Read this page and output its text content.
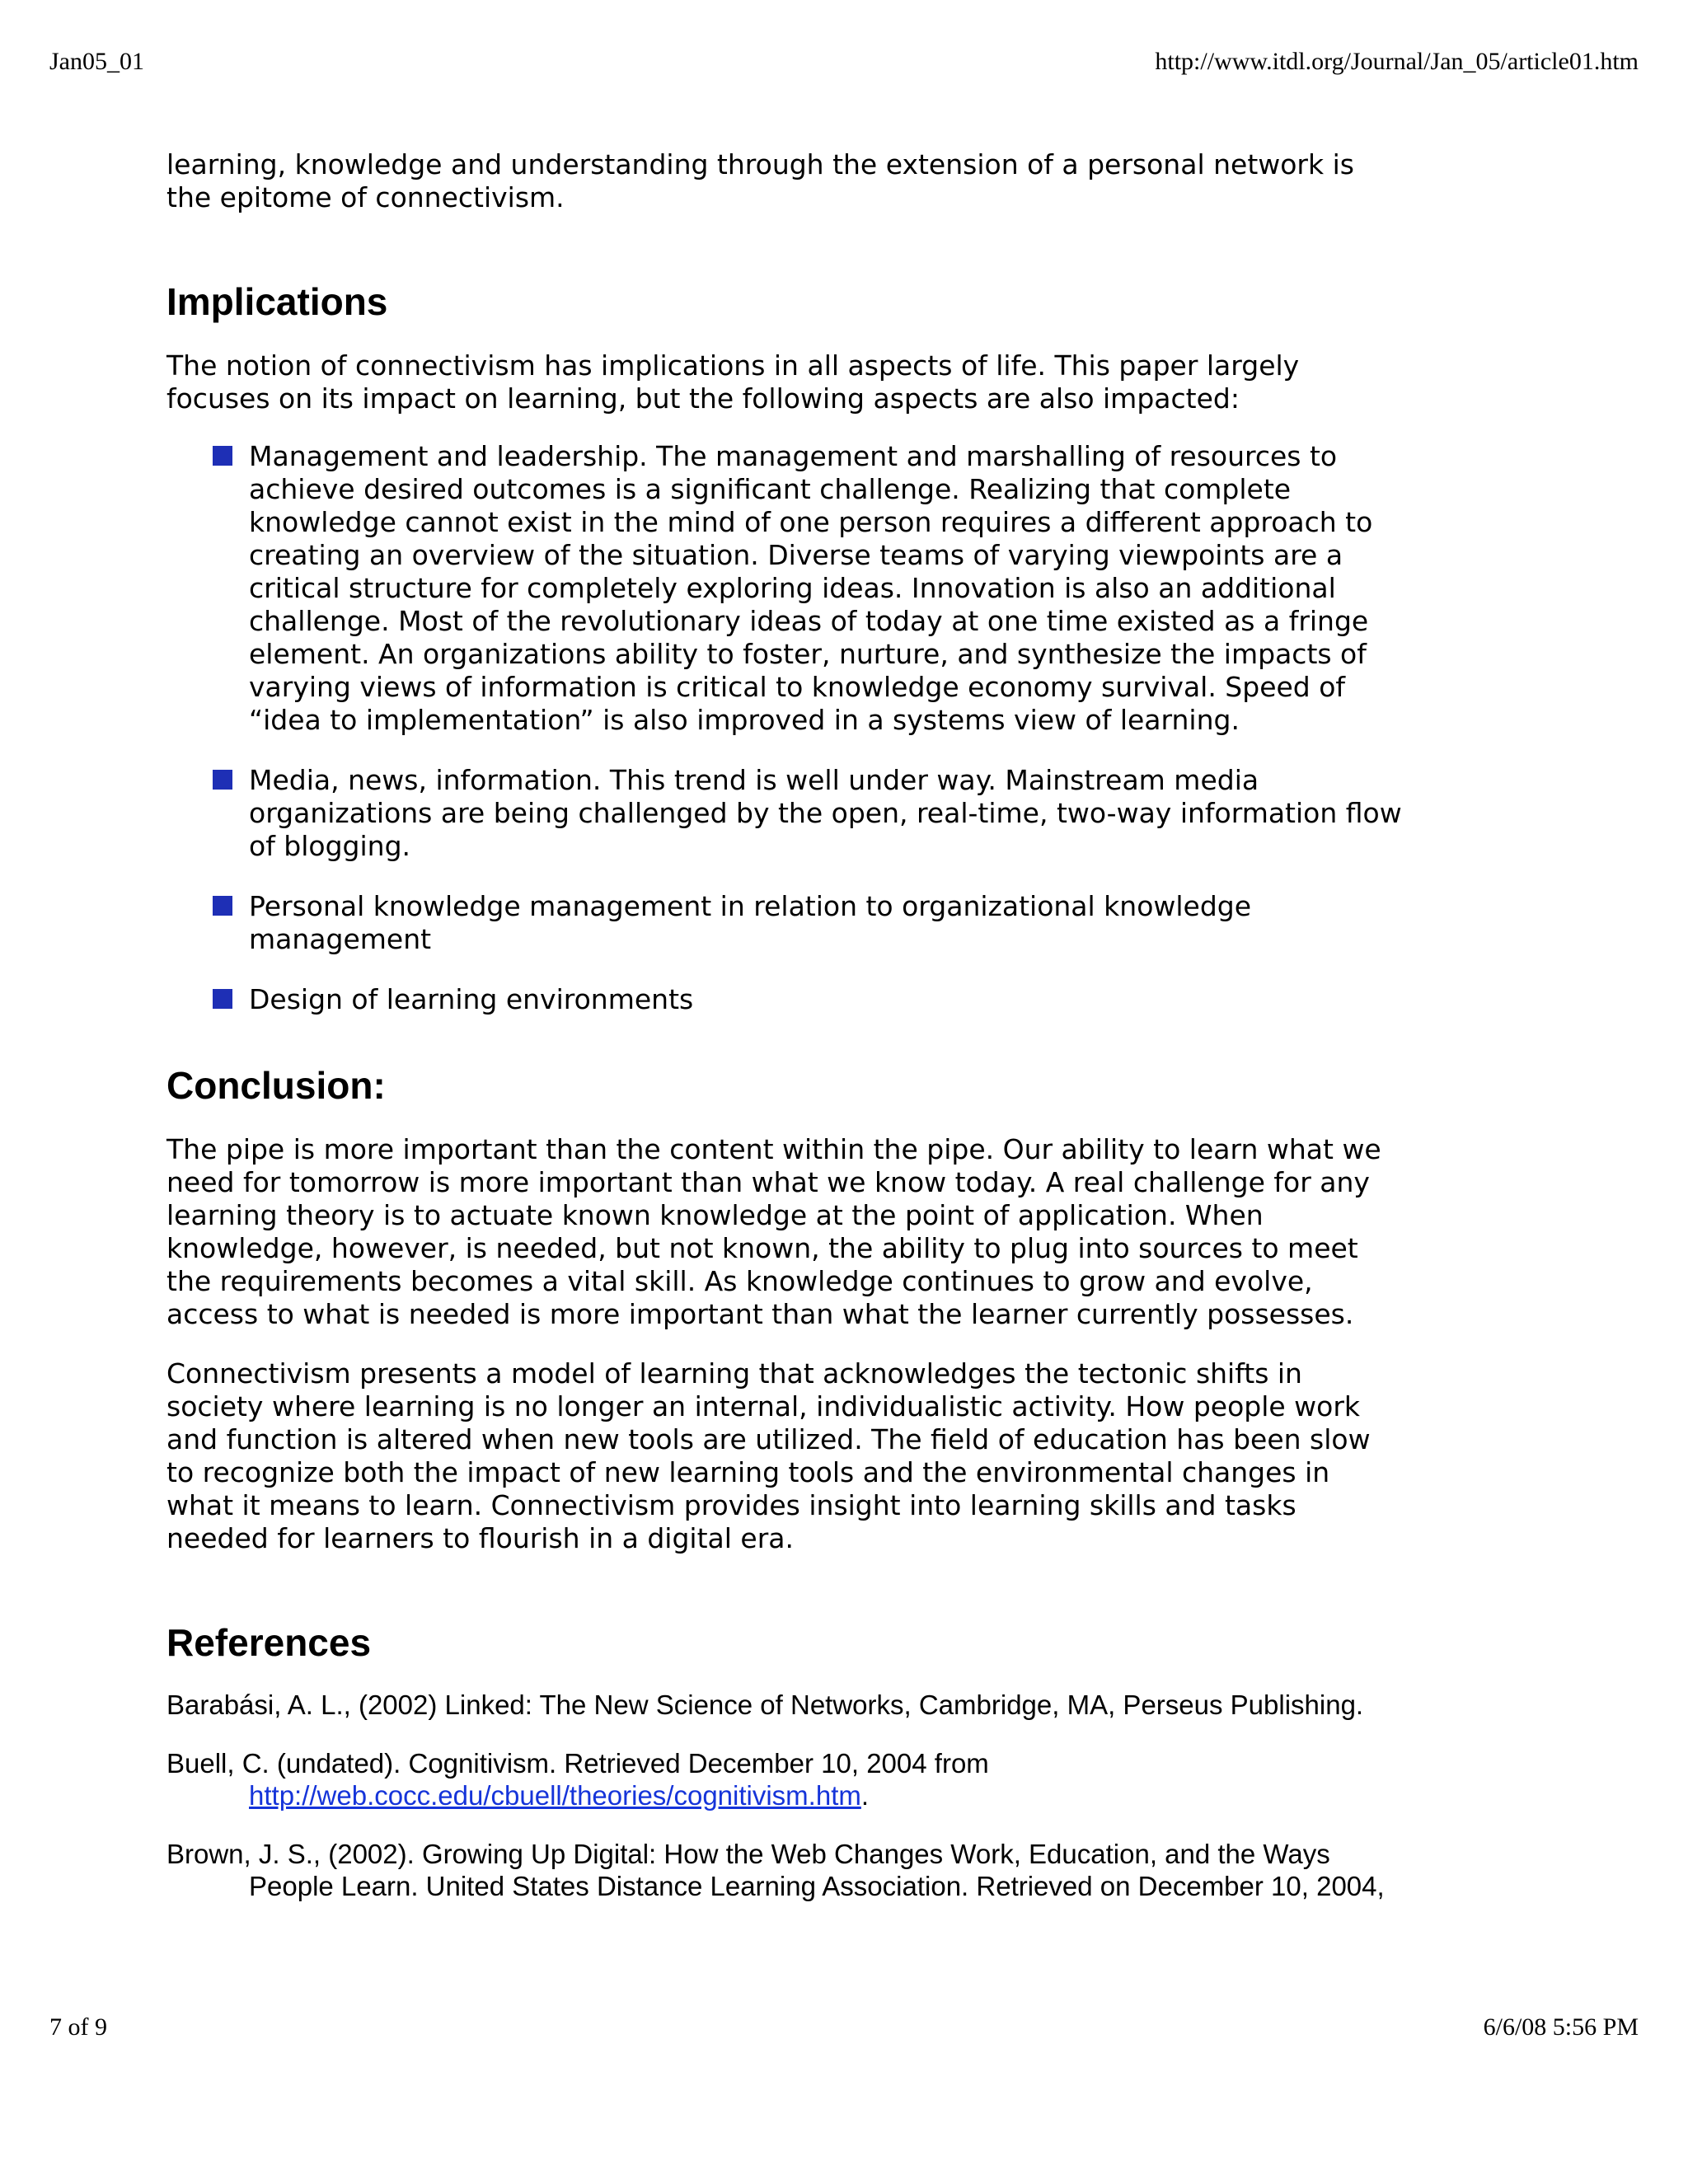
Jan05_01	http://www.itdl.org/Journal/Jan_05/article01.htm

learning, knowledge and understanding through the extension of a personal network is the epitome of connectivism.

Implications

The notion of connectivism has implications in all aspects of life. This paper largely focuses on its impact on learning, but the following aspects are also impacted:

Management and leadership. The management and marshalling of resources to achieve desired outcomes is a significant challenge. Realizing that complete knowledge cannot exist in the mind of one person requires a different approach to creating an overview of the situation. Diverse teams of varying viewpoints are a critical structure for completely exploring ideas. Innovation is also an additional challenge. Most of the revolutionary ideas of today at one time existed as a fringe element. An organizations ability to foster, nurture, and synthesize the impacts of varying views of information is critical to knowledge economy survival. Speed of “idea to implementation” is also improved in a systems view of learning.
Media, news, information. This trend is well under way. Mainstream media organizations are being challenged by the open, real-time, two-way information flow of blogging.
Personal knowledge management in relation to organizational knowledge management
Design of learning environments
Conclusion:

The pipe is more important than the content within the pipe. Our ability to learn what we need for tomorrow is more important than what we know today. A real challenge for any learning theory is to actuate known knowledge at the point of application. When knowledge, however, is needed, but not known, the ability to plug into sources to meet the requirements becomes a vital skill. As knowledge continues to grow and evolve, access to what is needed is more important than what the learner currently possesses.

Connectivism presents a model of learning that acknowledges the tectonic shifts in society where learning is no longer an internal, individualistic activity. How people work and function is altered when new tools are utilized. The field of education has been slow to recognize both the impact of new learning tools and the environmental changes in what it means to learn. Connectivism provides insight into learning skills and tasks needed for learners to flourish in a digital era.

References
Barabási, A. L., (2002) Linked: The New Science of Networks, Cambridge, MA, Perseus Publishing.
Buell, C. (undated). Cognitivism. Retrieved December 10, 2004 from http://web.cocc.edu/cbuell/theories/cognitivism.htm.
Brown, J. S., (2002). Growing Up Digital: How the Web Changes Work, Education, and the Ways People Learn. United States Distance Learning Association. Retrieved on December 10, 2004,
7 of 9	6/6/08 5:56 PM
